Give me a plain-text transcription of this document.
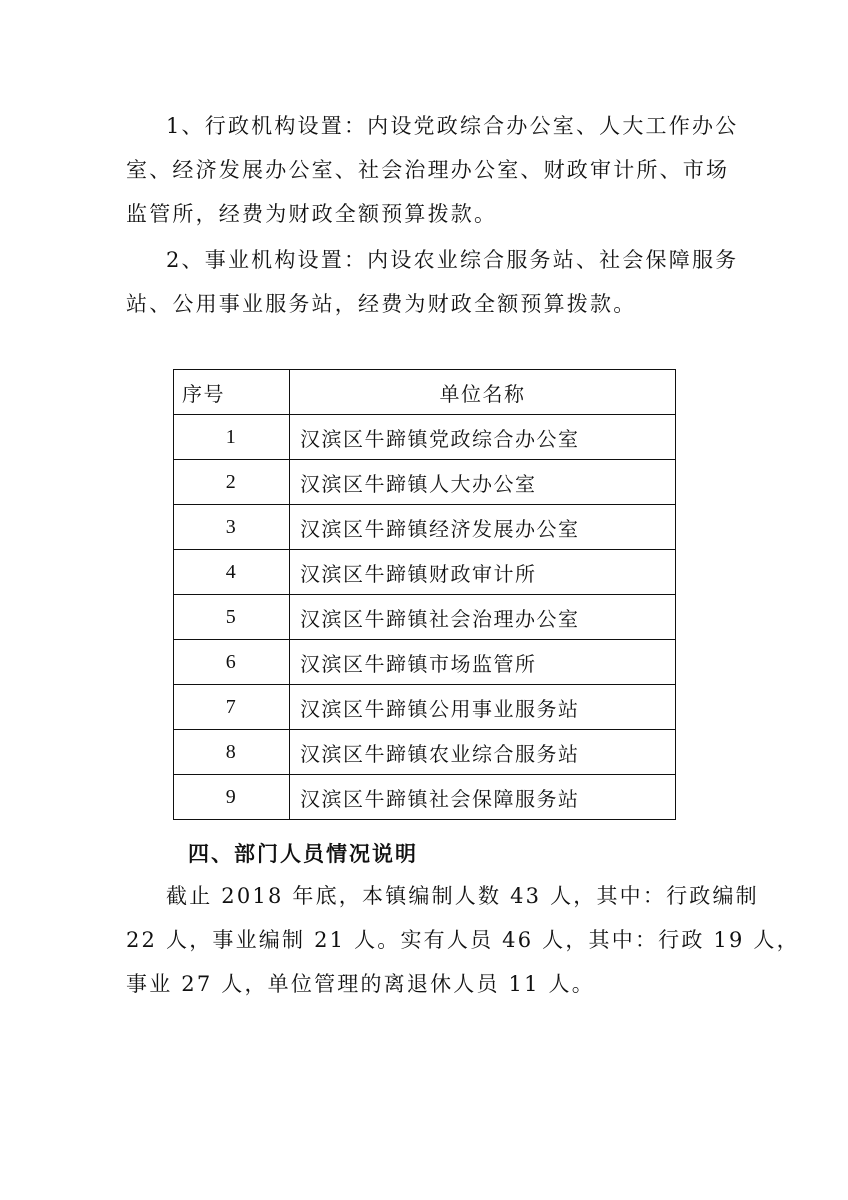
1、行政机构设置：内设党政综合办公室、人大工作办公
室、经济发展办公室、社会治理办公室、财政审计所、市场
监管所，经费为财政全额预算拨款。
2、事业机构设置：内设农业综合服务站、社会保障服务
站、公用事业服务站，经费为财政全额预算拨款。
序号	单位名称
1	汉滨区牛蹄镇党政综合办公室
2	汉滨区牛蹄镇人大办公室
3	汉滨区牛蹄镇经济发展办公室
4	汉滨区牛蹄镇财政审计所
5	汉滨区牛蹄镇社会治理办公室
6	汉滨区牛蹄镇市场监管所
7	汉滨区牛蹄镇公用事业服务站
8	汉滨区牛蹄镇农业综合服务站
9	汉滨区牛蹄镇社会保障服务站
四、部门人员情况说明
截止 2018 年底，本镇编制人数 43 人，其中：行政编制
22 人，事业编制 21 人。实有人员 46 人，其中：行政 19 人，
事业 27 人，单位管理的离退休人员 11 人。
